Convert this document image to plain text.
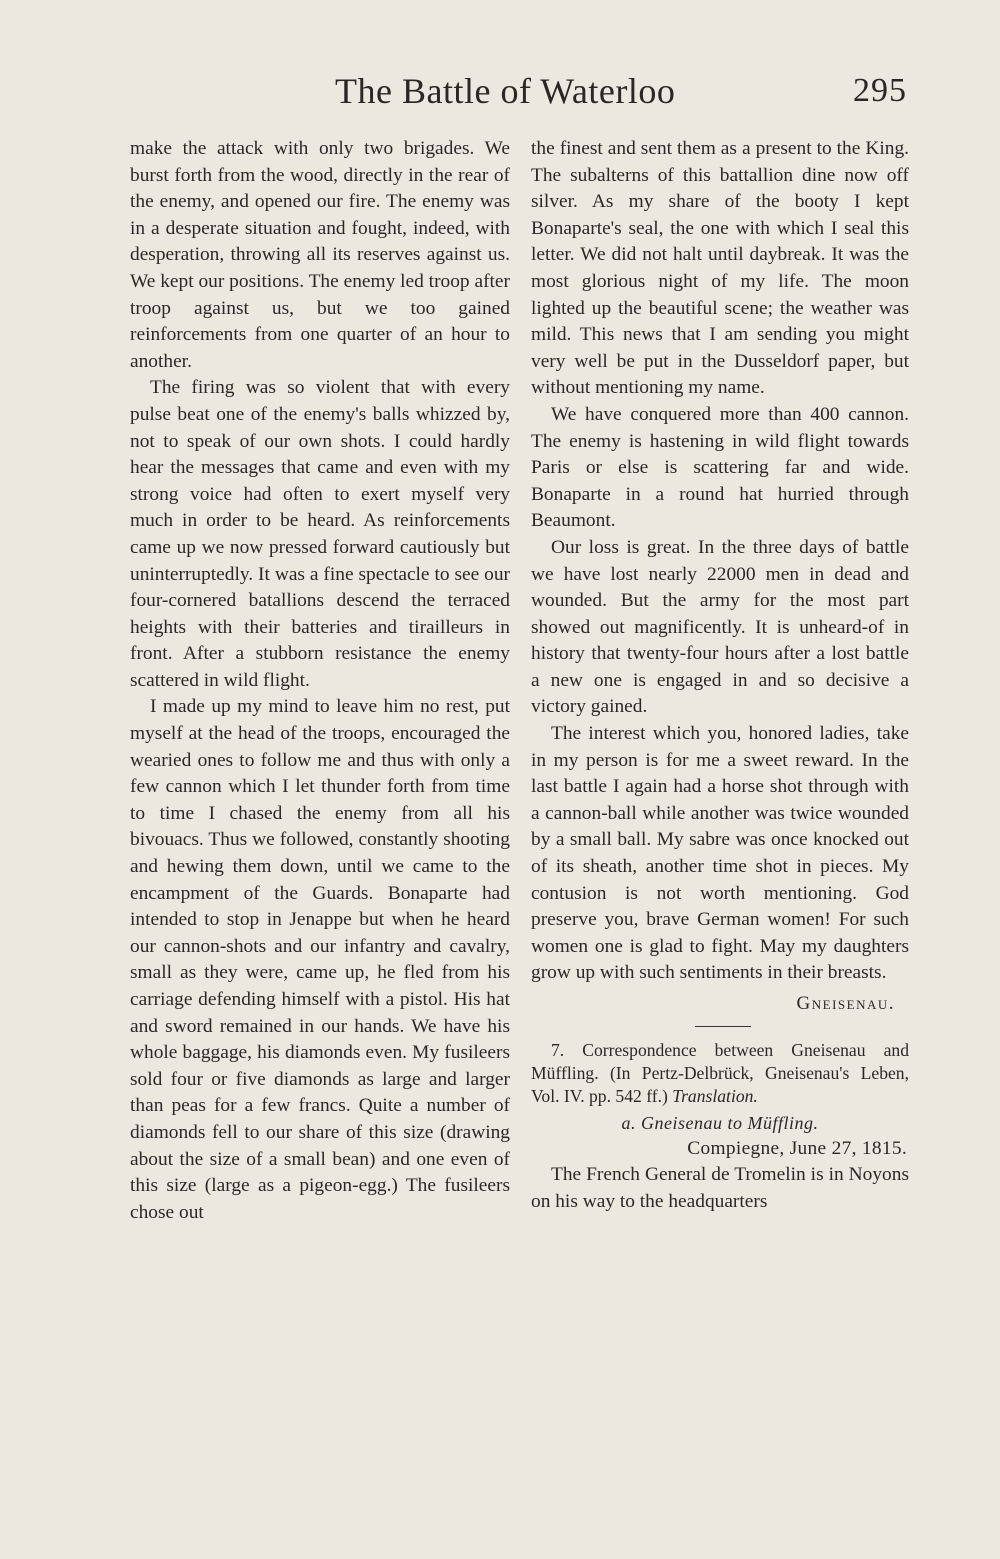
The Battle of Waterloo	295

make the attack with only two brigades. We burst forth from the wood, directly in the rear of the enemy, and opened our fire. The enemy was in a desperate situation and fought, indeed, with desperation, throwing all its reserves against us. We kept our positions. The enemy led troop after troop against us, but we too gained reinforcements from one quarter of an hour to another.

The firing was so violent that with every pulse beat one of the enemy's balls whizzed by, not to speak of our own shots. I could hardly hear the messages that came and even with my strong voice had often to exert myself very much in order to be heard. As reinforcements came up we now pressed forward cautiously but uninterruptedly. It was a fine spectacle to see our four-cornered batallions descend the terraced heights with their batteries and tirailleurs in front. After a stubborn resistance the enemy scattered in wild flight.

I made up my mind to leave him no rest, put myself at the head of the troops, encouraged the wearied ones to follow me and thus with only a few cannon which I let thunder forth from time to time I chased the enemy from all his bivouacs. Thus we followed, constantly shooting and hewing them down, until we came to the encampment of the Guards. Bonaparte had intended to stop in Jenappe but when he heard our cannon-shots and our infantry and cavalry, small as they were, came up, he fled from his carriage defending himself with a pistol. His hat and sword remained in our hands. We have his whole baggage, his diamonds even. My fusileers sold four or five diamonds as large and larger than peas for a few francs. Quite a number of diamonds fell to our share of this size (drawing about the size of a small bean) and one even of this size (large as a pigeon-egg.) The fusileers chose out

the finest and sent them as a present to the King. The subalterns of this battallion dine now off silver. As my share of the booty I kept Bonaparte's seal, the one with which I seal this letter. We did not halt until daybreak. It was the most glorious night of my life. The moon lighted up the beautiful scene; the weather was mild. This news that I am sending you might very well be put in the Dusseldorf paper, but without mentioning my name.

We have conquered more than 400 cannon. The enemy is hastening in wild flight towards Paris or else is scattering far and wide. Bonaparte in a round hat hurried through Beaumont.

Our loss is great. In the three days of battle we have lost nearly 22000 men in dead and wounded. But the army for the most part showed out magnificently. It is unheard-of in history that twenty-four hours after a lost battle a new one is engaged in and so decisive a victory gained.

The interest which you, honored ladies, take in my person is for me a sweet reward. In the last battle I again had a horse shot through with a cannon-ball while another was twice wounded by a small ball. My sabre was once knocked out of its sheath, another time shot in pieces. My contusion is not worth mentioning. God preserve you, brave German women! For such women one is glad to fight. May my daughters grow up with such sentiments in their breasts.

Gneisenau.

7. Correspondence between Gneisenau and Müffling. (In Pertz-Delbrück, Gneisenau's Leben, Vol. IV. pp. 542 ff.) Translation.

a. Gneisenau to Müffling.

Compiegne, June 27, 1815.

The French General de Tromelin is in Noyons on his way to the headquarters
